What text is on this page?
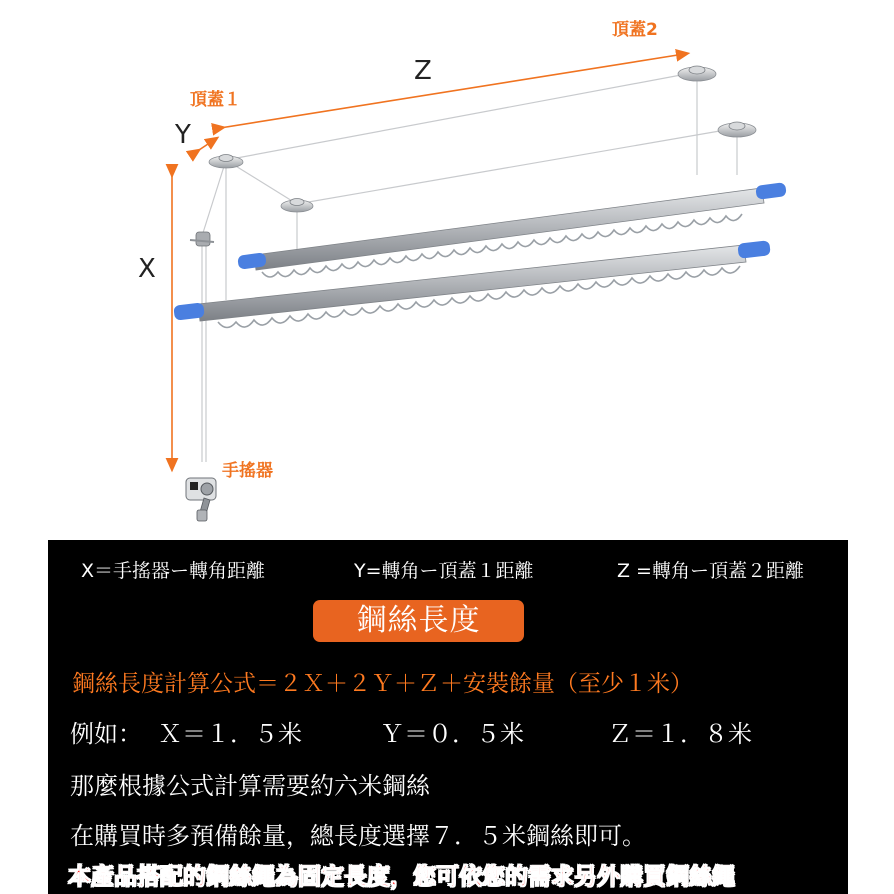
頂蓋2
Z
頂蓋１
Y
X
手搖器
X＝手搖器ー轉角距離	Y=轉角ー頂蓋１距離	Z =轉角ー頂蓋２距離
鋼絲長度
鋼絲長度計算公式＝２Ｘ＋２Ｙ＋Ｚ＋安裝餘量（至少１米）
例如： Ｘ＝１．５米	Ｙ＝０．５米	Ｚ＝１．８米
那麼根據公式計算需要約六米鋼絲
在購買時多預備餘量，總長度選擇７．５米鋼絲即可。
本產品搭配的鋼絲繩為固定長度，您可依您的需求另外購買鋼絲繩
